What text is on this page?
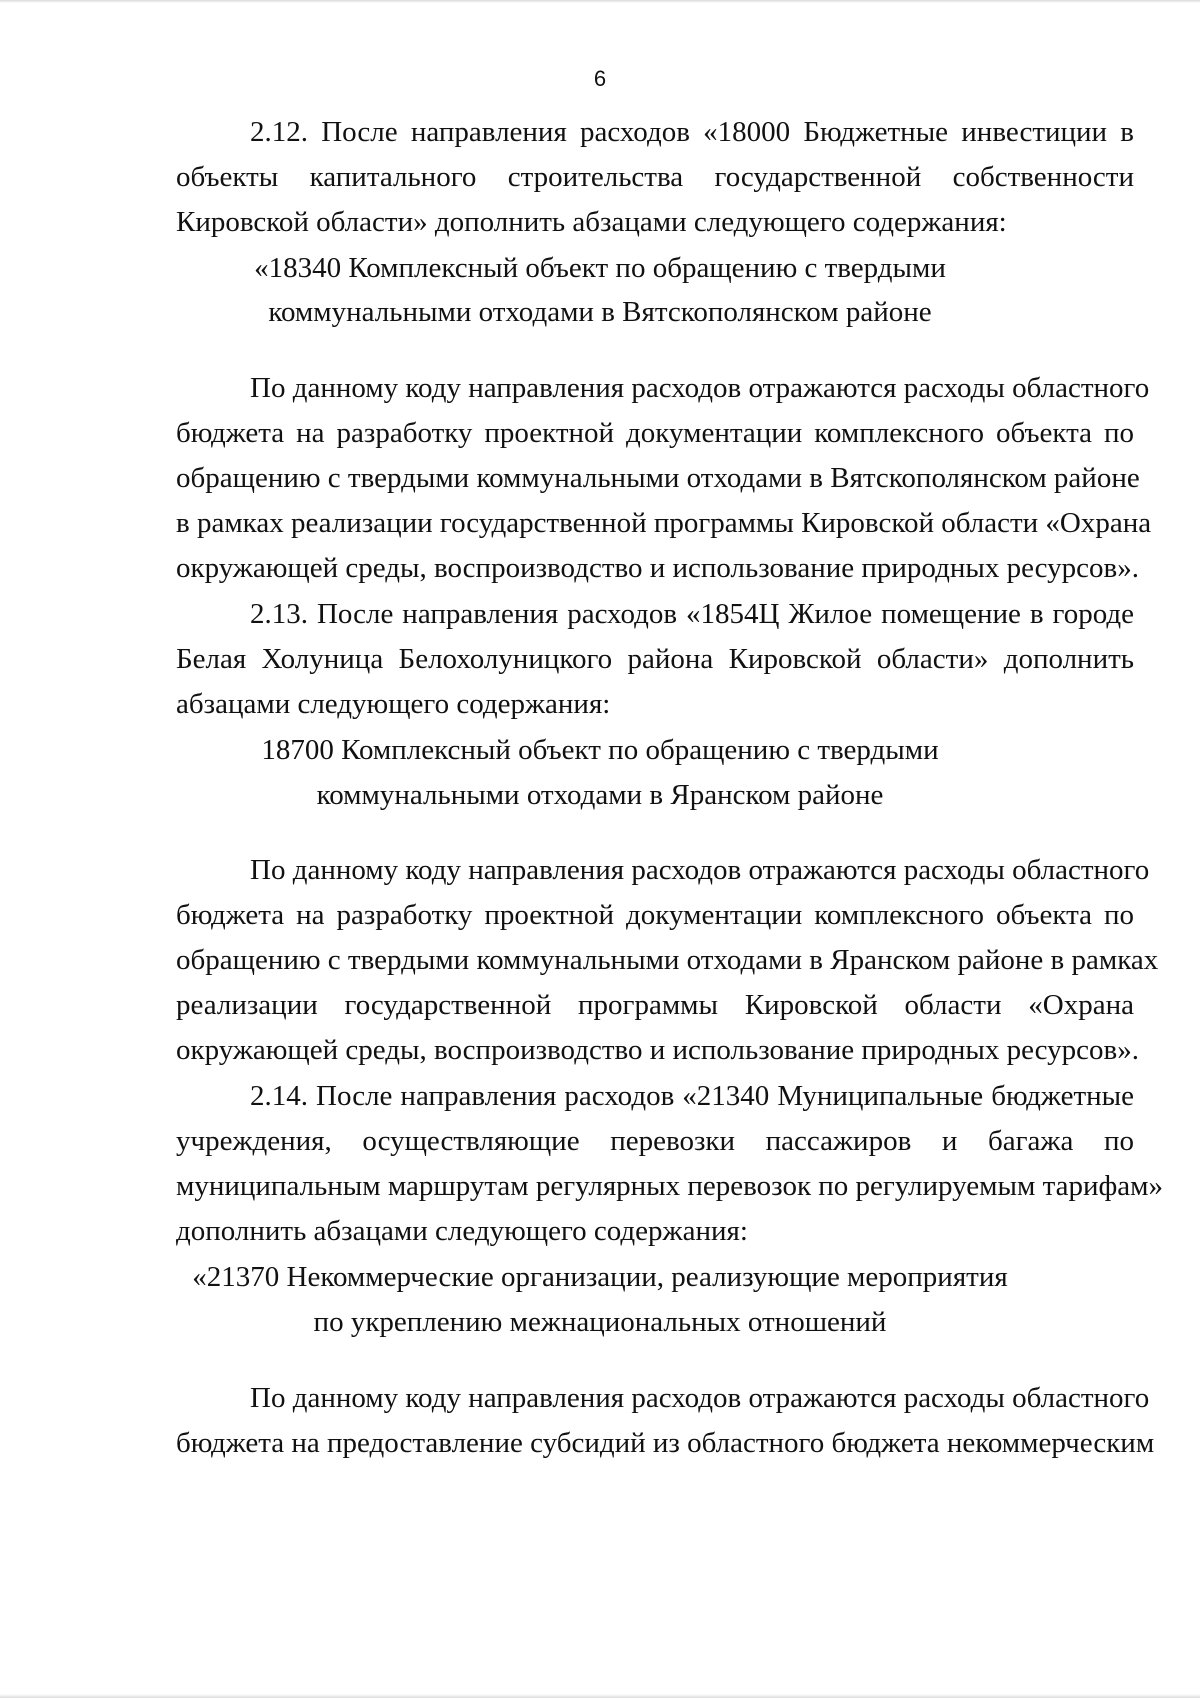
6
2.12. После направления расходов «18000 Бюджетные инвестиции в
объекты капитального строительства государственной собственности
Кировской области» дополнить абзацами следующего содержания:
«18340 Комплексный объект по обращению с твердыми
коммунальными отходами в Вятскополянском районе
По данному коду направления расходов отражаются расходы областного
бюджета на разработку проектной документации комплексного объекта по
обращению с твердыми коммунальными отходами в Вятскополянском районе
в рамках реализации государственной программы Кировской области «Охрана
окружающей среды, воспроизводство и использование природных ресурсов».
2.13. После направления расходов «1854Ц Жилое помещение в городе
Белая Холуница Белохолуницкого района Кировской области» дополнить
абзацами следующего содержания:
18700 Комплексный объект по обращению с твердыми
коммунальными отходами в Яранском районе
По данному коду направления расходов отражаются расходы областного
бюджета на разработку проектной документации комплексного объекта по
обращению с твердыми коммунальными отходами в Яранском районе в рамках
реализации государственной программы Кировской области «Охрана
окружающей среды, воспроизводство и использование природных ресурсов».
2.14. После направления расходов «21340 Муниципальные бюджетные
учреждения, осуществляющие перевозки пассажиров и багажа по
муниципальным маршрутам регулярных перевозок по регулируемым тарифам»
дополнить абзацами следующего содержания:
«21370 Некоммерческие организации, реализующие мероприятия
по укреплению межнациональных отношений
По данному коду направления расходов отражаются расходы областного
бюджета на предоставление субсидий из областного бюджета некоммерческим
